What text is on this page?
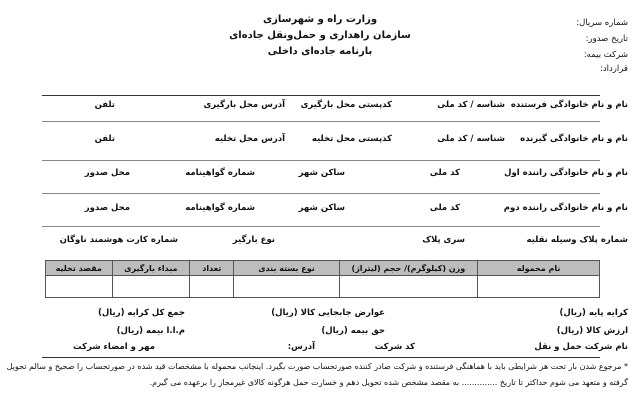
وزارت راه و شهرسازی
سازمان راهداری و حمل‌ونقل جاده‌ای
بارنامه جاده‌ای داخلی
شماره سریال:
تاریخ صدور:
شرکت بیمه:
قرارداد:
نام و نام خانوادگی فرستنده
شناسه / کد ملی
کدپستی محل بارگیری
آدرس محل بارگیری
تلفن
نام و نام خانوادگی گیرنده
شناسه / کد ملی
کدپستی محل تخلیه
آدرس محل تخلیه
تلفن
نام و نام خانوادگی راننده اول
کد ملی
ساکن شهر
شماره گواهینامه
محل صدور
نام و نام خانوادگی راننده دوم
کد ملی
ساکن شهر
شماره گواهینامه
محل صدور
شماره پلاک وسیله نقلیه
سری پلاک
نوع بارگیر
شماره کارت هوشمند ناوگان
نام محموله	وزن (کیلوگرم)/ حجم (لیتراژ)	نوع بسته بندی	تعداد	مبداء بارگیری	مقصد تخلیه

کرایه پایه (ریال)
عوارض جابجایی کالا (ریال)
جمع کل کرایه (ریال)
ارزش کالا (ریال)
حق بیمه (ریال)
م.ا.ا بیمه (ریال)
نام شرکت حمل و نقل
کد شرکت
آدرس:
مهر و امضاء شرکت
* مرجوع شدن بار تحت هر شرایطی باید با هماهنگی فرستنده و شرکت صادر کننده صورتحساب صورت بگیرد. اینجانب محموله با مشخصات قید شده در صورتحساب را صحیح و سالم تحویل
گرفته و متعهد می شوم حداکثر تا تاریخ .............. به مقصد مشخص شده تحویل دهم و خسارت حمل هرگونه کالای غیرمجاز را برعهده می گیرم.
